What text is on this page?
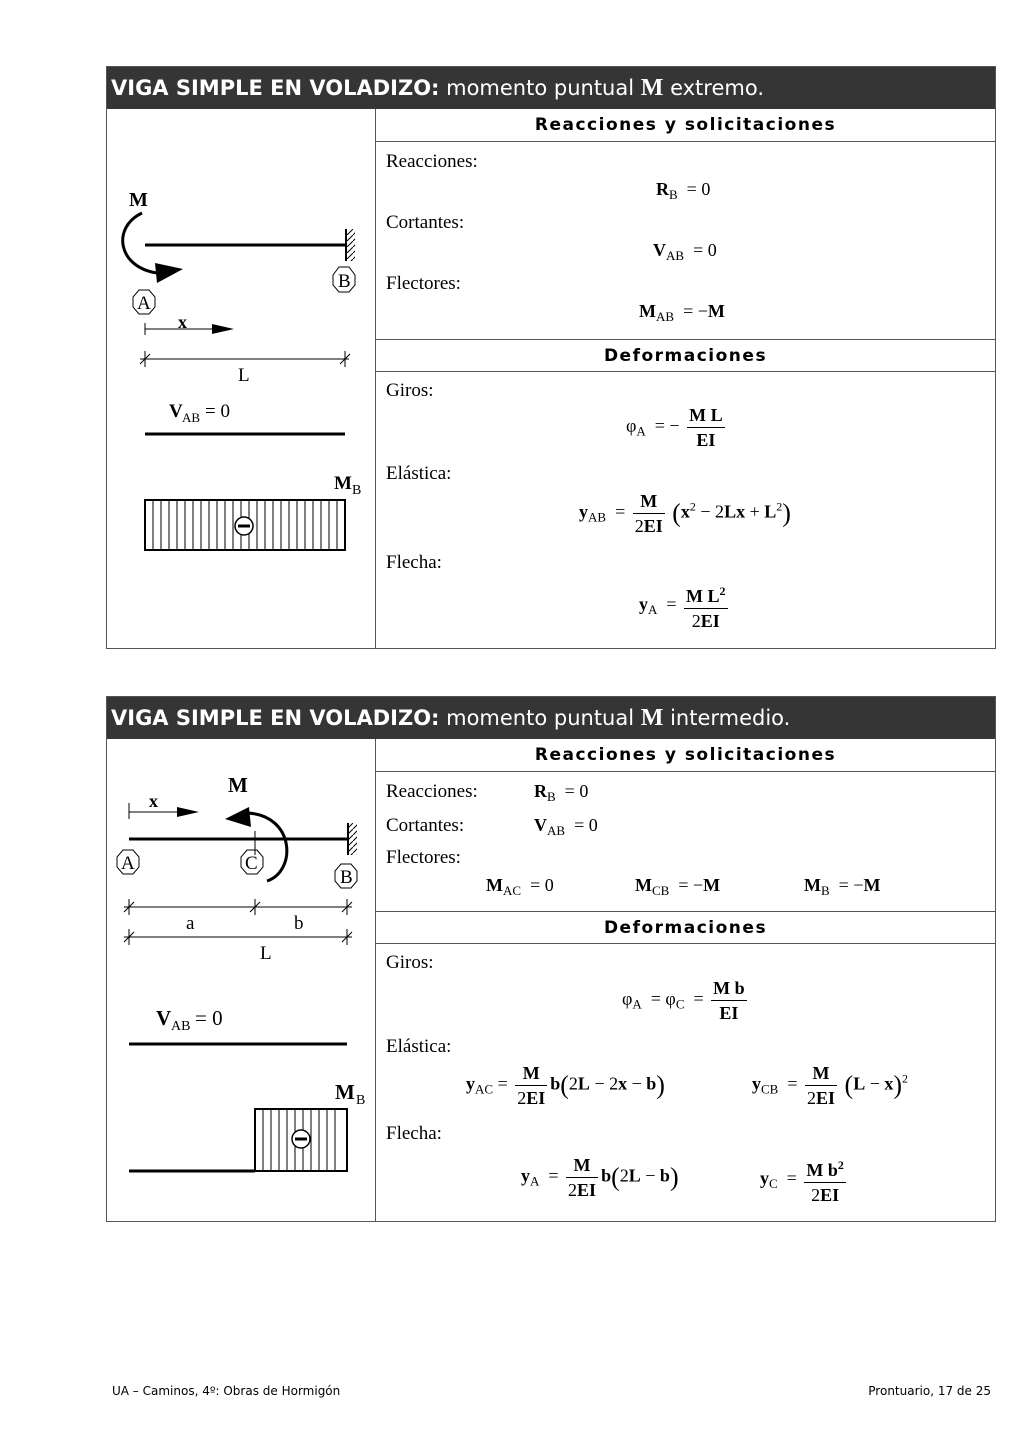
VIGA SIMPLE EN VOLADIZO: momento puntual M extremo.
M
B
A
x
L
V AB = 0
M B
Reacciones y solicitaciones
Reacciones:
$R_B = 0$
Cortantes:
$V_{AB} = 0$
Flectores:
$M_{AB} = -M$
Deformaciones
Giros:
$\varphi_A$  = − $\frac{\text{M L}}{EI}$
Elástica:
$y_{AB} = \frac{M}{2EI} (x^2 - 2Lx + L^2)$
Flecha:
$y_A = \frac{M L^2}{2EI}$
VIGA SIMPLE EN VOLADIZO: momento puntual M intermedio.
x
M
A	C
B
a	b
L
V AB = 0
M B
Reacciones y solicitaciones
Reacciones:	$R_B = 0$
Cortantes:	$V_{AB} = 0$
Flectores:
$M_{AC} = 0$	$M_{CB} = -M$	$M_B = -M$
Deformaciones
Giros:
$\varphi_A = \varphi_C = \frac{\text{M b}}{EI}$
Elástica:
$y_{AC} = \frac{M}{2EI} b(2L - 2x - b)$	$y_{CB} = \frac{M}{2EI} (L - x)^2$
Flecha:
$y_A = \frac{M}{2EI} b(2L - b)$	$y_C = \frac{M b^2}{2EI}$
UA – Caminos, 4º: Obras de Hormigón	Prontuario, 17 de 25
